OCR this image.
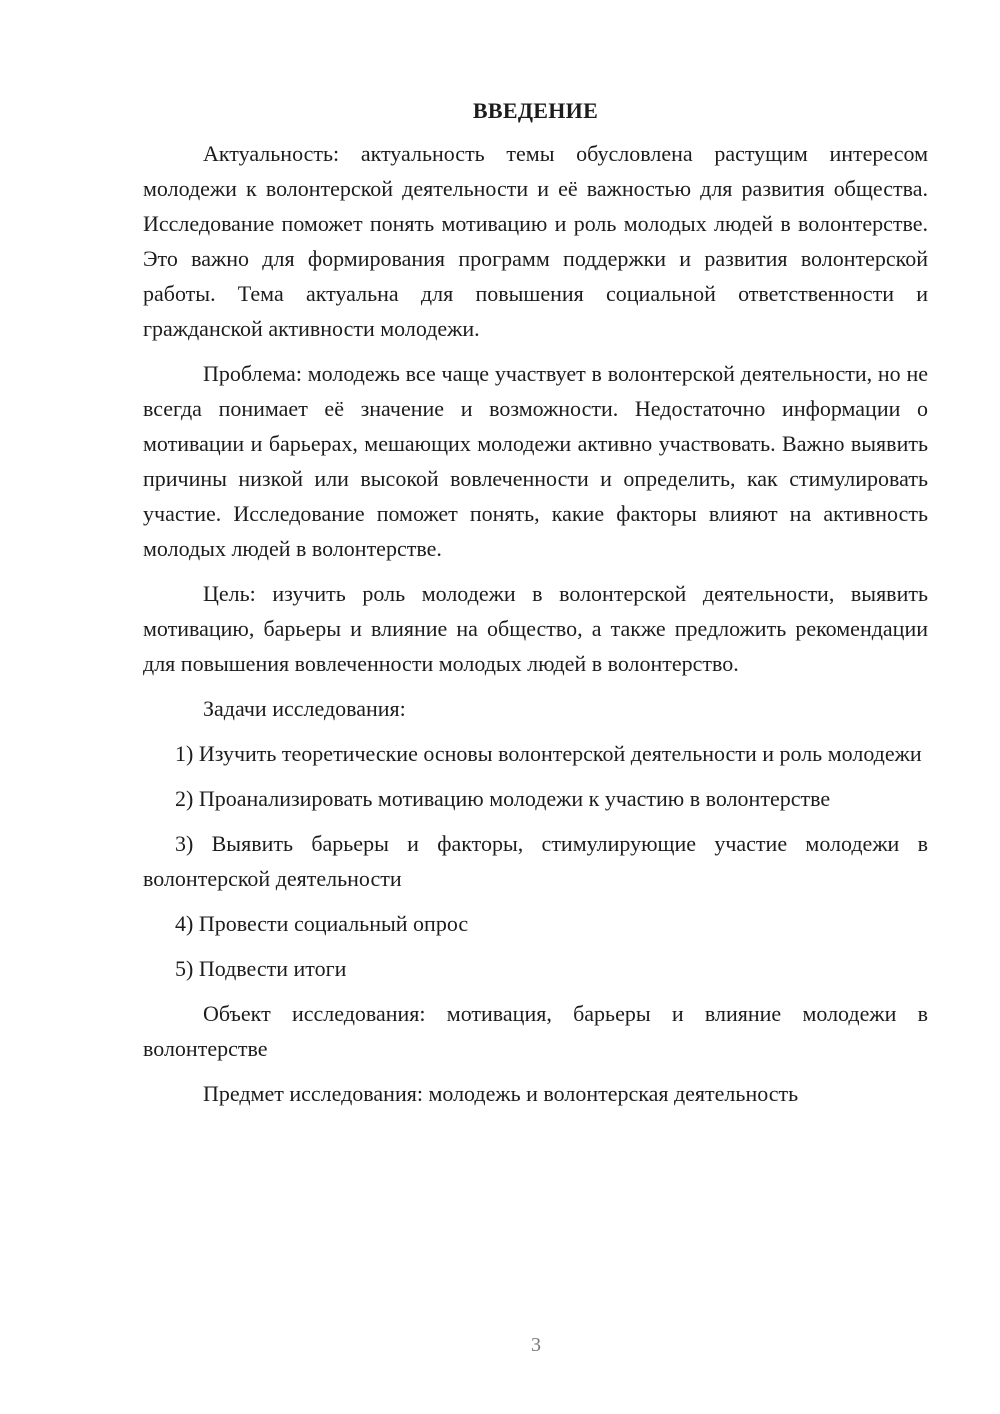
ВВЕДЕНИЕ

Актуальность: актуальность темы обусловлена растущим интересом молодежи к волонтерской деятельности и её важностью для развития общества. Исследование поможет понять мотивацию и роль молодых людей в волонтерстве. Это важно для формирования программ поддержки и развития волонтерской работы. Тема актуальна для повышения социальной ответственности и гражданской активности молодежи.

Проблема: молодежь все чаще участвует в волонтерской деятельности, но не всегда понимает её значение и возможности. Недостаточно информации о мотивации и барьерах, мешающих молодежи активно участвовать. Важно выявить причины низкой или высокой вовлеченности и определить, как стимулировать участие. Исследование поможет понять, какие факторы влияют на активность молодых людей в волонтерстве.

Цель: изучить роль молодежи в волонтерской деятельности, выявить мотивацию, барьеры и влияние на общество, а также предложить рекомендации для повышения вовлеченности молодых людей в волонтерство.

Задачи исследования:

1) Изучить теоретические основы волонтерской деятельности и роль молодежи

2) Проанализировать мотивацию молодежи к участию в волонтерстве

3) Выявить барьеры и факторы, стимулирующие участие молодежи в волонтерской деятельности

4) Провести социальный опрос

5) Подвести итоги

Объект исследования: мотивация, барьеры и влияние молодежи в волонтерстве

Предмет исследования: молодежь и волонтерская деятельность

3
